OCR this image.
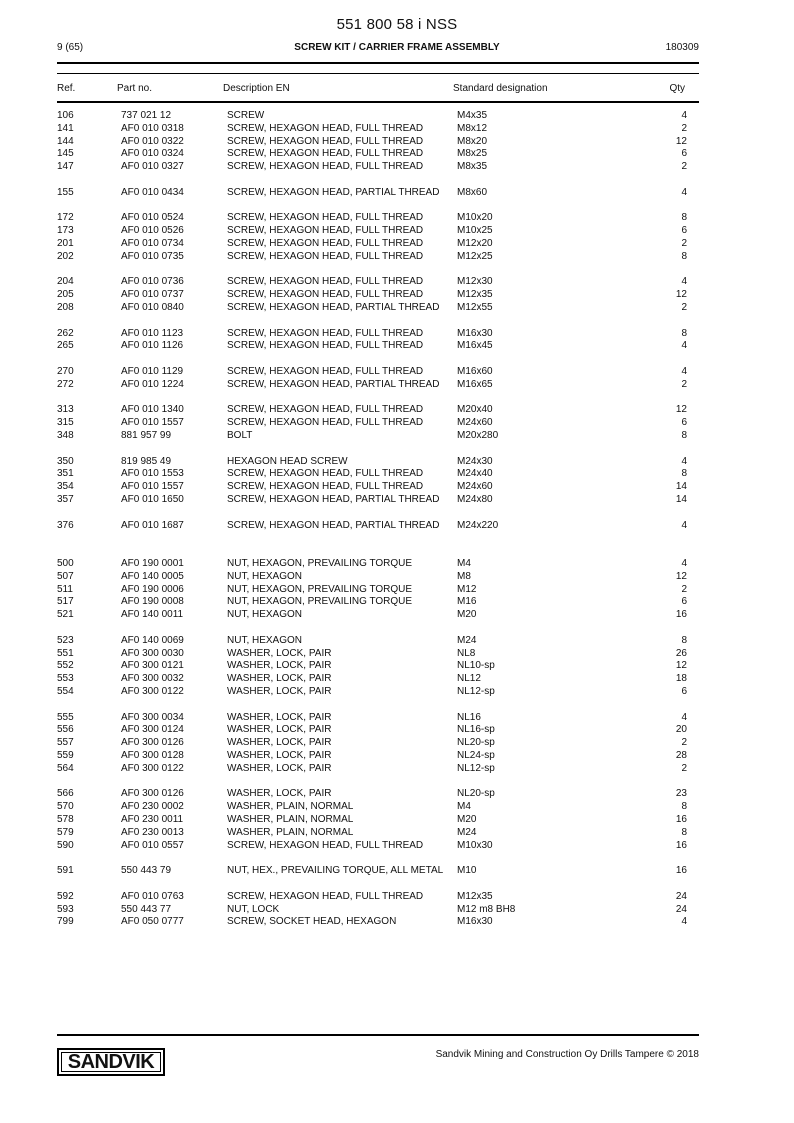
551 800 58 i NSS
9 (65)	SCREW KIT / CARRIER FRAME ASSEMBLY	180309
Ref.	Part no.	Description EN	Standard designation	Qty
106	737 021 12	SCREW	M4x35	4
141	AF0 010 0318	SCREW, HEXAGON HEAD, FULL THREAD	M8x12	2
144	AF0 010 0322	SCREW, HEXAGON HEAD, FULL THREAD	M8x20	12
145	AF0 010 0324	SCREW, HEXAGON HEAD, FULL THREAD	M8x25	6
147	AF0 010 0327	SCREW, HEXAGON HEAD, FULL THREAD	M8x35	2
155	AF0 010 0434	SCREW, HEXAGON HEAD, PARTIAL THREAD	M8x60	4
172	AF0 010 0524	SCREW, HEXAGON HEAD, FULL THREAD	M10x20	8
173	AF0 010 0526	SCREW, HEXAGON HEAD, FULL THREAD	M10x25	6
201	AF0 010 0734	SCREW, HEXAGON HEAD, FULL THREAD	M12x20	2
202	AF0 010 0735	SCREW, HEXAGON HEAD, FULL THREAD	M12x25	8
204	AF0 010 0736	SCREW, HEXAGON HEAD, FULL THREAD	M12x30	4
205	AF0 010 0737	SCREW, HEXAGON HEAD, FULL THREAD	M12x35	12
208	AF0 010 0840	SCREW, HEXAGON HEAD, PARTIAL THREAD	M12x55	2
262	AF0 010 1123	SCREW, HEXAGON HEAD, FULL THREAD	M16x30	8
265	AF0 010 1126	SCREW, HEXAGON HEAD, FULL THREAD	M16x45	4
270	AF0 010 1129	SCREW, HEXAGON HEAD, FULL THREAD	M16x60	4
272	AF0 010 1224	SCREW, HEXAGON HEAD, PARTIAL THREAD	M16x65	2
313	AF0 010 1340	SCREW, HEXAGON HEAD, FULL THREAD	M20x40	12
315	AF0 010 1557	SCREW, HEXAGON HEAD, FULL THREAD	M24x60	6
348	881 957 99	BOLT	M20x280	8
350	819 985 49	HEXAGON HEAD SCREW	M24x30	4
351	AF0 010 1553	SCREW, HEXAGON HEAD, FULL THREAD	M24x40	8
354	AF0 010 1557	SCREW, HEXAGON HEAD, FULL THREAD	M24x60	14
357	AF0 010 1650	SCREW, HEXAGON HEAD, PARTIAL THREAD	M24x80	14
376	AF0 010 1687	SCREW, HEXAGON HEAD, PARTIAL THREAD	M24x220	4
500	AF0 190 0001	NUT, HEXAGON, PREVAILING TORQUE	M4	4
507	AF0 140 0005	NUT, HEXAGON	M8	12
511	AF0 190 0006	NUT, HEXAGON, PREVAILING TORQUE	M12	2
517	AF0 190 0008	NUT, HEXAGON, PREVAILING TORQUE	M16	6
521	AF0 140 0011	NUT, HEXAGON	M20	16
523	AF0 140 0069	NUT, HEXAGON	M24	8
551	AF0 300 0030	WASHER, LOCK, PAIR	NL8	26
552	AF0 300 0121	WASHER, LOCK, PAIR	NL10-sp	12
553	AF0 300 0032	WASHER, LOCK, PAIR	NL12	18
554	AF0 300 0122	WASHER, LOCK, PAIR	NL12-sp	6
555	AF0 300 0034	WASHER, LOCK, PAIR	NL16	4
556	AF0 300 0124	WASHER, LOCK, PAIR	NL16-sp	20
557	AF0 300 0126	WASHER, LOCK, PAIR	NL20-sp	2
559	AF0 300 0128	WASHER, LOCK, PAIR	NL24-sp	28
564	AF0 300 0122	WASHER, LOCK, PAIR	NL12-sp	2
566	AF0 300 0126	WASHER, LOCK, PAIR	NL20-sp	23
570	AF0 230 0002	WASHER, PLAIN, NORMAL	M4	8
578	AF0 230 0011	WASHER, PLAIN, NORMAL	M20	16
579	AF0 230 0013	WASHER, PLAIN, NORMAL	M24	8
590	AF0 010 0557	SCREW, HEXAGON HEAD, FULL THREAD	M10x30	16
591	550 443 79	NUT, HEX., PREVAILING TORQUE, ALL METAL	M10	16
592	AF0 010 0763	SCREW, HEXAGON HEAD, FULL THREAD	M12x35	24
593	550 443 77	NUT, LOCK	M12 m8 BH8	24
799	AF0 050 0777	SCREW, SOCKET HEAD, HEXAGON	M16x30	4
SANDVIK	Sandvik Mining and Construction Oy Drills Tampere © 2018
